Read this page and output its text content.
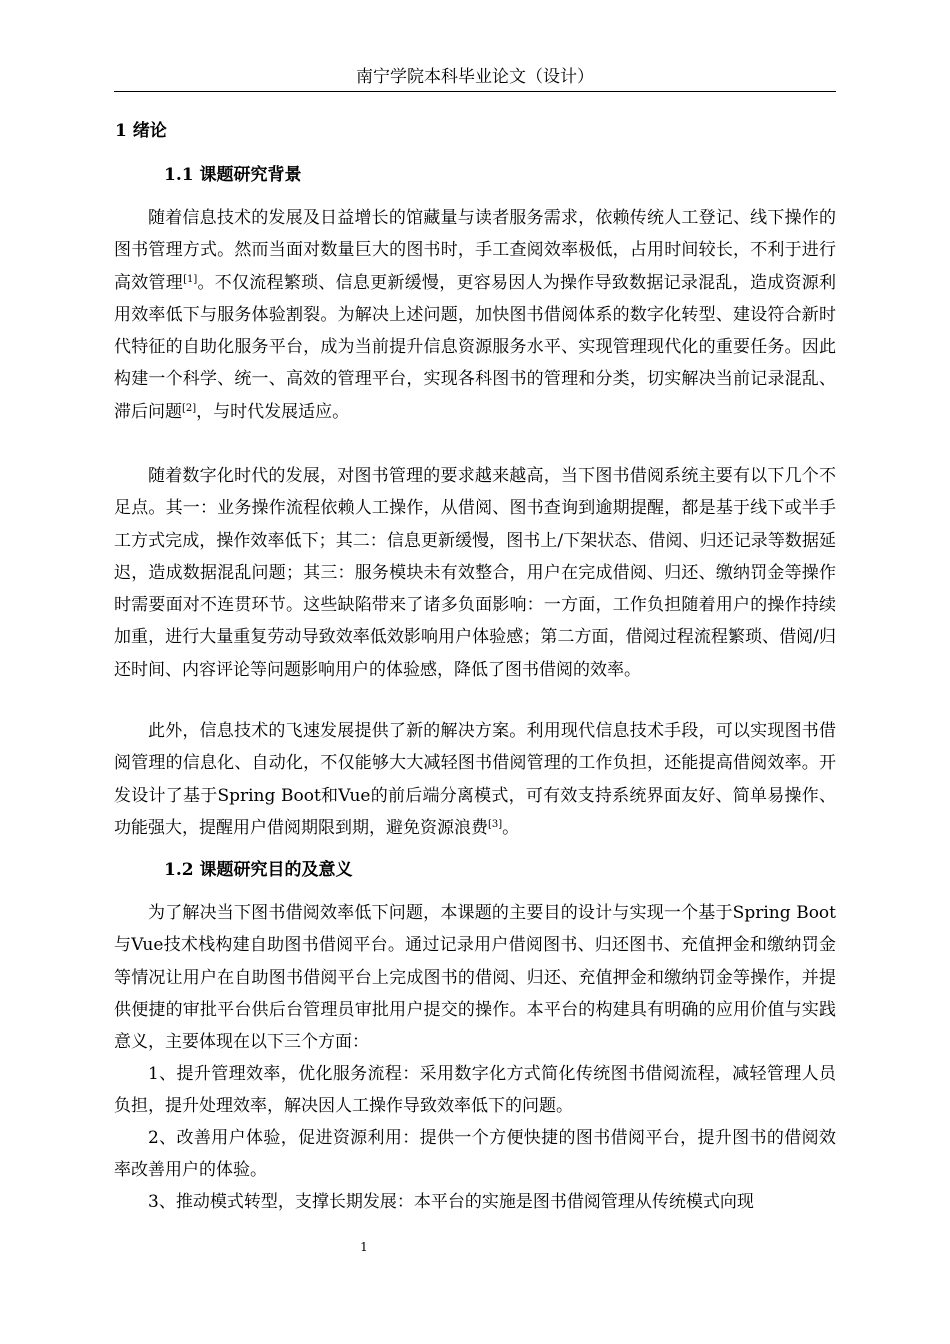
南宁学院本科毕业论文（设计）
1 绪论
1.1 课题研究背景
随着信息技术的发展及日益增长的馆藏量与读者服务需求，依赖传统人工登记、线下操作的图书管理方式。然而当面对数量巨大的图书时，手工查阅效率极低，占用时间较长，不利于进行高效管理[1]。不仅流程繁琐、信息更新缓慢，更容易因人为操作导致数据记录混乱，造成资源利用效率低下与服务体验割裂。为解决上述问题，加快图书借阅体系的数字化转型、建设符合新时代特征的自助化服务平台，成为当前提升信息资源服务水平、实现管理现代化的重要任务。因此构建一个科学、统一、高效的管理平台，实现各科图书的管理和分类，切实解决当前记录混乱、滞后问题[2]，与时代发展适应。
随着数字化时代的发展，对图书管理的要求越来越高，当下图书借阅系统主要有以下几个不足点。其一：业务操作流程依赖人工操作，从借阅、图书查询到逾期提醒，都是基于线下或半手工方式完成，操作效率低下；其二：信息更新缓慢，图书上/下架状态、借阅、归还记录等数据延迟，造成数据混乱问题；其三：服务模块未有效整合，用户在完成借阅、归还、缴纳罚金等操作时需要面对不连贯环节。这些缺陷带来了诸多负面影响：一方面，工作负担随着用户的操作持续加重，进行大量重复劳动导致效率低效影响用户体验感；第二方面，借阅过程流程繁琐、借阅/归还时间、内容评论等问题影响用户的体验感，降低了图书借阅的效率。
此外，信息技术的飞速发展提供了新的解决方案。利用现代信息技术手段，可以实现图书借阅管理的信息化、自动化，不仅能够大大减轻图书借阅管理的工作负担，还能提高借阅效率。开发设计了基于Spring Boot和Vue的前后端分离模式，可有效支持系统界面友好、简单易操作、功能强大，提醒用户借阅期限到期，避免资源浪费[3]。
1.2 课题研究目的及意义
为了解决当下图书借阅效率低下问题，本课题的主要目的设计与实现一个基于Spring Boot与Vue技术栈构建自助图书借阅平台。通过记录用户借阅图书、归还图书、充值押金和缴纳罚金等情况让用户在自助图书借阅平台上完成图书的借阅、归还、充值押金和缴纳罚金等操作，并提供便捷的审批平台供后台管理员审批用户提交的操作。本平台的构建具有明确的应用价值与实践意义，主要体现在以下三个方面：
1、提升管理效率，优化服务流程：采用数字化方式简化传统图书借阅流程，减轻管理人员负担，提升处理效率，解决因人工操作导致效率低下的问题。
2、改善用户体验，促进资源利用：提供一个方便快捷的图书借阅平台，提升图书的借阅效率改善用户的体验。
3、推动模式转型，支撑长期发展：本平台的实施是图书借阅管理从传统模式向现
1
